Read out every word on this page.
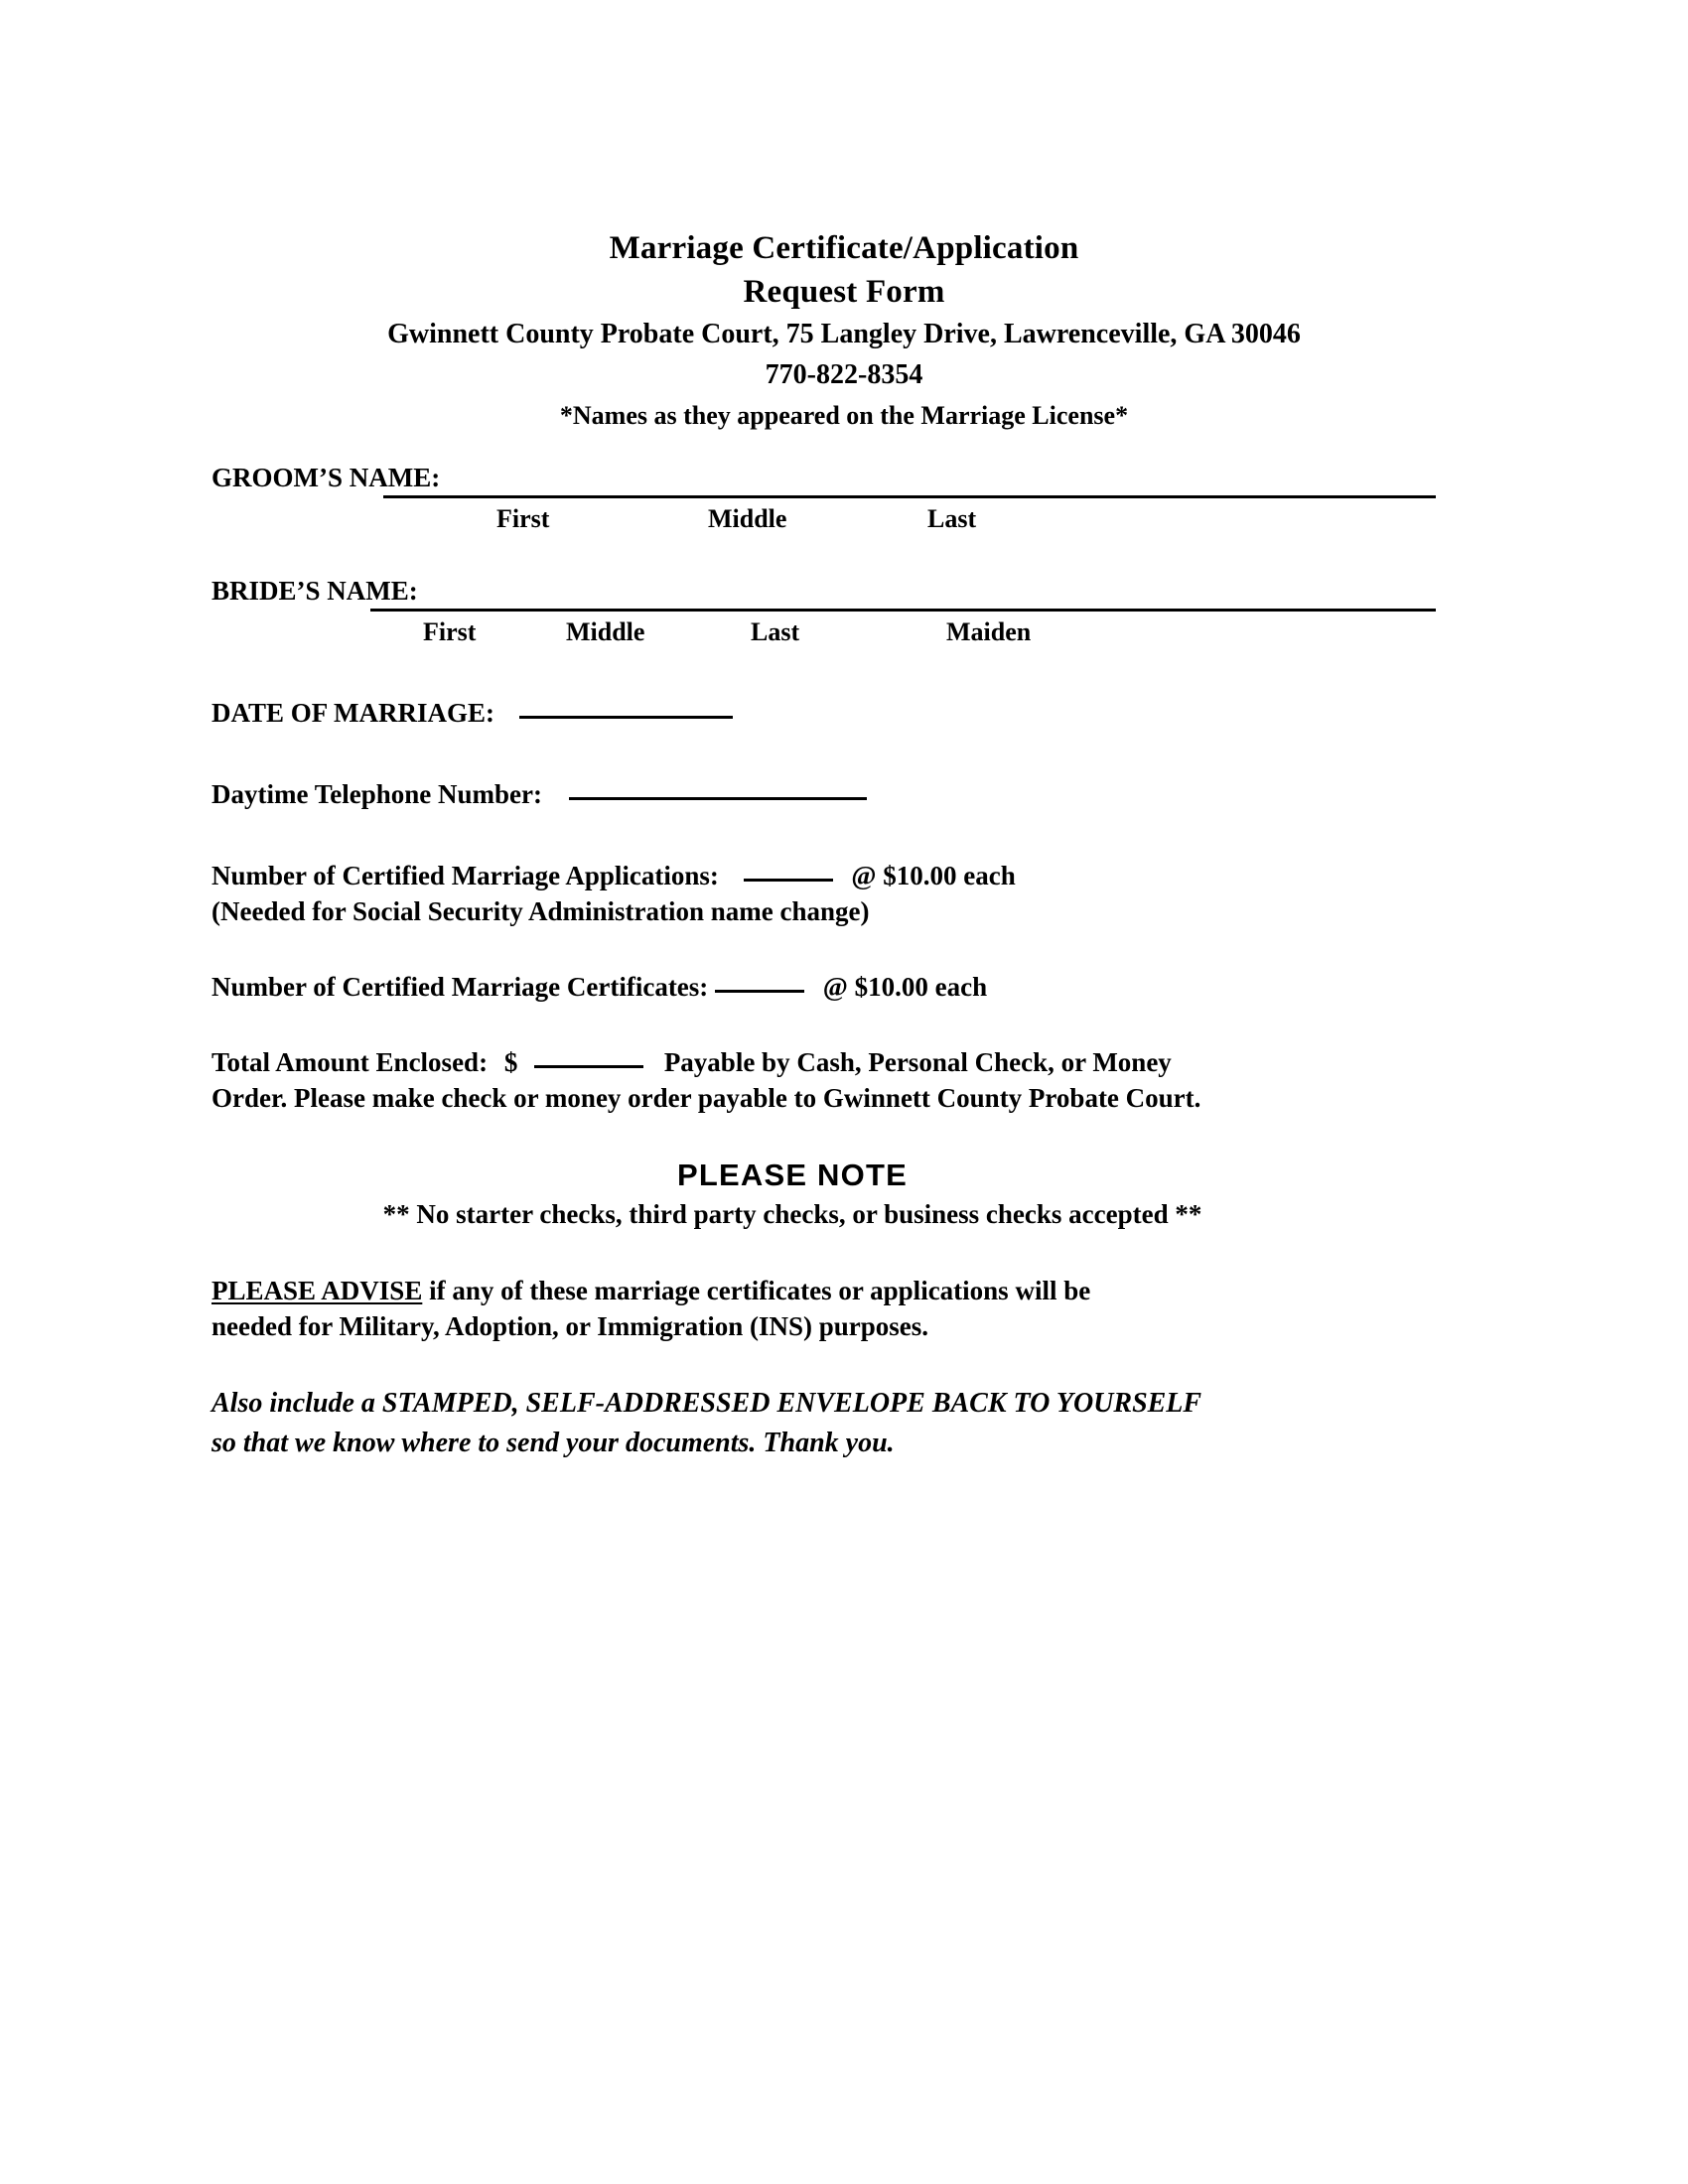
Marriage Certificate/Application
Request Form
Gwinnett County Probate Court, 75 Langley Drive, Lawrenceville, GA 30046
770-822-8354
*Names as they appeared on the Marriage License*
GROOM’S NAME:
First	Middle	Last
BRIDE’S NAME:
First	Middle	Last	Maiden
DATE OF MARRIAGE:
Daytime Telephone Number:
Number of Certified Marriage Applications:	@ $10.00 each
(Needed for Social Security Administration name change)
Number of Certified Marriage Certificates:	@ $10.00 each
Total Amount Enclosed: $	Payable by Cash, Personal Check, or Money
Order. Please make check or money order payable to Gwinnett County Probate Court.
PLEASE NOTE
** No starter checks, third party checks, or business checks accepted **
PLEASE ADVISE if any of these marriage certificates or applications will be
needed for Military, Adoption, or Immigration (INS) purposes.
Also include a STAMPED, SELF-ADDRESSED ENVELOPE BACK TO YOURSELF
so that we know where to send your documents. Thank you.
